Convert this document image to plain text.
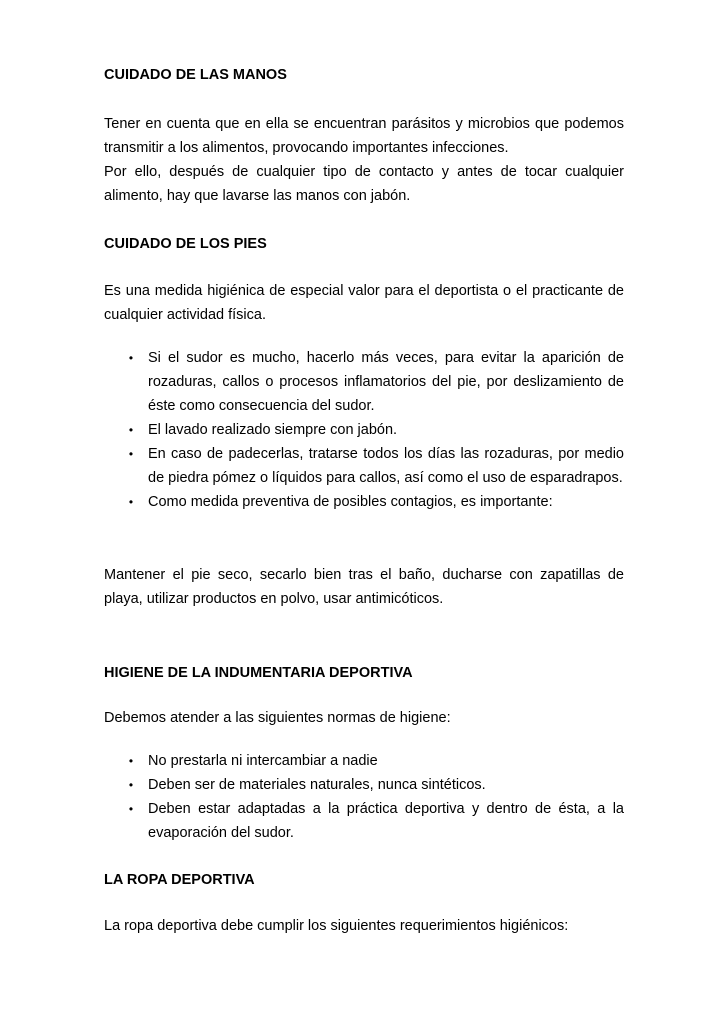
CUIDADO DE LAS MANOS

Tener en cuenta que en ella se encuentran parásitos y microbios que podemos transmitir a los alimentos, provocando importantes infecciones.

Por ello, después de cualquier tipo de contacto y antes de tocar cualquier alimento, hay que lavarse las manos con jabón.

CUIDADO DE LOS PIES

Es una medida higiénica de especial valor para el deportista o el practicante de cualquier actividad física.

• Si el sudor es mucho, hacerlo más veces, para evitar la aparición de rozaduras, callos o procesos inflamatorios del pie, por deslizamiento de éste como consecuencia del sudor.
• El lavado realizado siempre con jabón.
• En caso de padecerlas, tratarse todos los días las rozaduras, por medio de piedra pómez o líquidos para callos, así como el uso de esparadrapos.
• Como medida preventiva de posibles contagios, es importante:

Mantener el pie seco, secarlo bien tras el baño, ducharse con zapatillas de playa, utilizar productos en polvo, usar antimicóticos.

HIGIENE DE LA INDUMENTARIA DEPORTIVA

Debemos atender a las siguientes normas de higiene:

• No prestarla ni intercambiar a nadie
• Deben ser de materiales naturales, nunca sintéticos.
• Deben estar adaptadas a la práctica deportiva y dentro de ésta, a la evaporación del sudor.
LA ROPA DEPORTIVA

La ropa deportiva debe cumplir los siguientes requerimientos higiénicos:
